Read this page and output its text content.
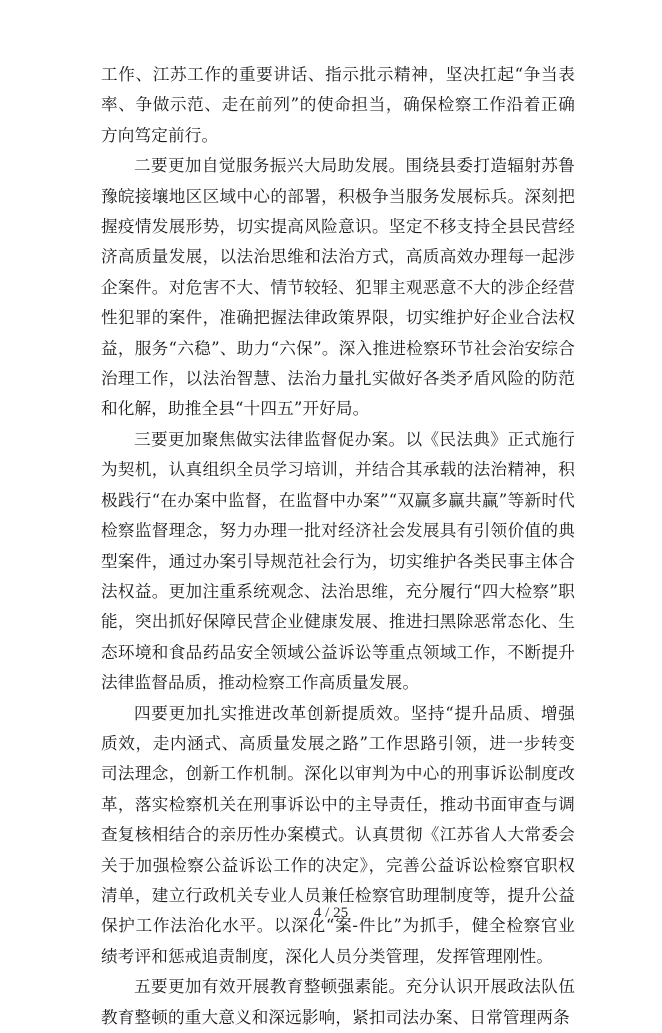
工作、江苏工作的重要讲话、指示批示精神，坚决扛起“争当表率、争做示范、走在前列”的使命担当，确保检察工作沿着正确方向笃定前行。

二要更加自觉服务振兴大局助发展。围绕县委打造辐射苏鲁豫皖接壤地区区域中心的部署，积极争当服务发展标兵。深刻把握疫情发展形势，切实提高风险意识。坚定不移支持全县民营经济高质量发展，以法治思维和法治方式，高质高效办理每一起涉企案件。对危害不大、情节较轻、犯罪主观恶意不大的涉企经营性犯罪的案件，准确把握法律政策界限，切实维护好企业合法权益，服务“六稳”、助力“六保”。深入推进检察环节社会治安综合治理工作，以法治智慧、法治力量扎实做好各类矛盾风险的防范和化解，助推全县“十四五”开好局。

三要更加聚焦做实法律监督促办案。以《民法典》正式施行为契机，认真组织全员学习培训，并结合其承载的法治精神，积极践行“在办案中监督，在监督中办案”“双赢多赢共赢”等新时代检察监督理念，努力办理一批对经济社会发展具有引领价值的典型案件，通过办案引导规范社会行为，切实维护各类民事主体合法权益。更加注重系统观念、法治思维，充分履行“四大检察”职能，突出抓好保障民营企业健康发展、推进扫黑除恶常态化、生态环境和食品药品安全领域公益诉讼等重点领域工作，不断提升法律监督品质，推动检察工作高质量发展。

四要更加扎实推进改革创新提质效。坚持“提升品质、增强质效，走内涵式、高质量发展之路”工作思路引领，进一步转变司法理念，创新工作机制。深化以审判为中心的刑事诉讼制度改革，落实检察机关在刑事诉讼中的主导责任，推动书面审查与调查复核相结合的亲历性办案模式。认真贯彻《江苏省人大常委会关于加强检察公益诉讼工作的决定》，完善公益诉讼检察官职权清单，建立行政机关专业人员兼任检察官助理制度等，提升公益保护工作法治化水平。以深化“案-件比”为抓手，健全检察官业绩考评和惩戒追责制度，深化人员分类管理，发挥管理刚性。

五要更加有效开展教育整顿强素能。充分认识开展政法队伍教育整顿的重大意义和深远影响，紧扣司法办案、日常管理两条

4 / 25
